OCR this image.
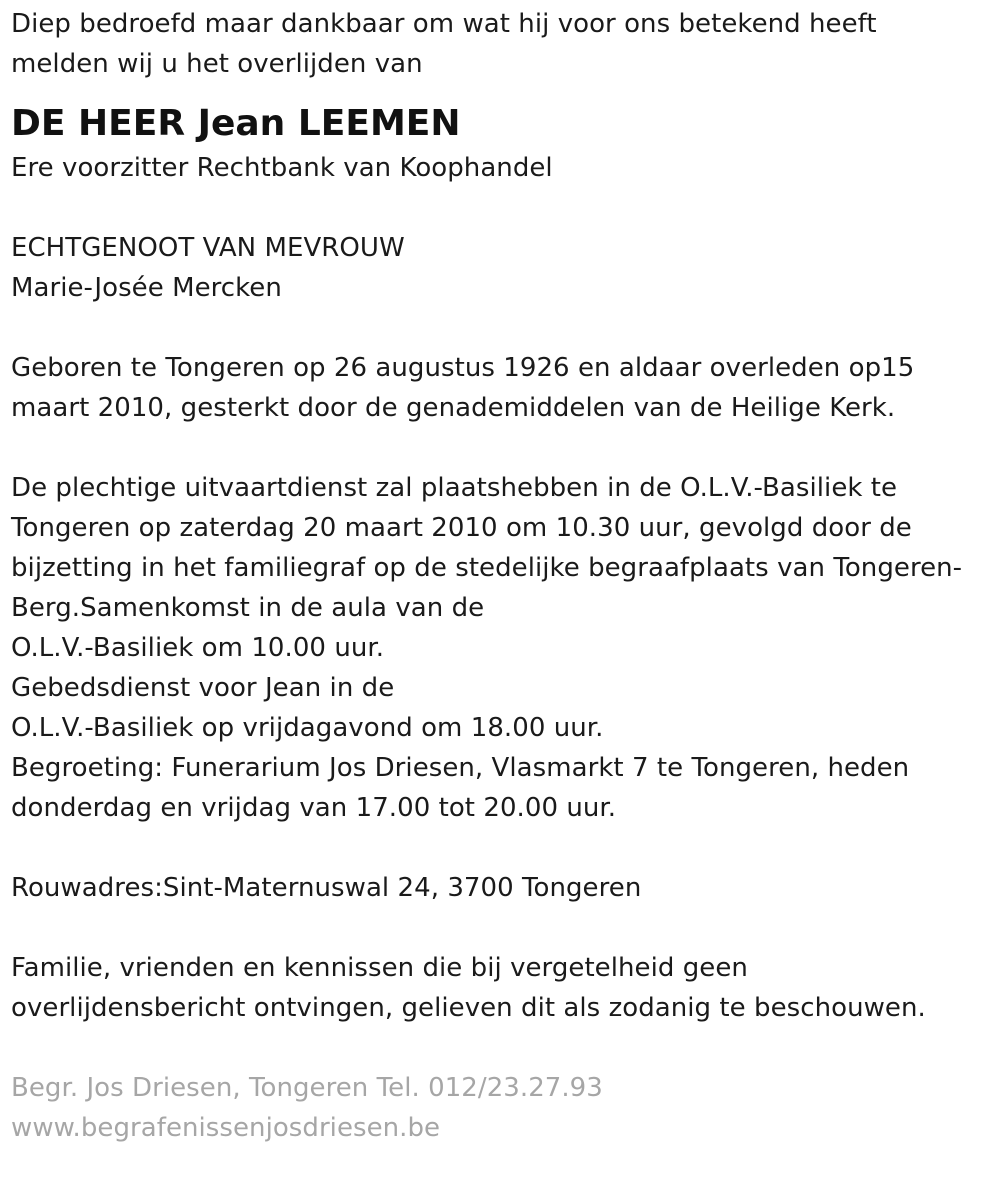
Diep bedroefd maar dankbaar om wat hij voor ons betekend heeft
melden wij u het overlijden van
DE HEER Jean LEEMEN
Ere voorzitter Rechtbank van Koophandel
ECHTGENOOT VAN MEVROUW
Marie-Josée Mercken
Geboren te Tongeren op 26 augustus 1926 en aldaar overleden op15
maart 2010, gesterkt door de genademiddelen van de Heilige Kerk.
De plechtige uitvaartdienst zal plaatshebben in de O.L.V.-Basiliek te
Tongeren op zaterdag 20 maart 2010 om 10.30 uur, gevolgd door de
bijzetting in het familiegraf op de stedelijke begraafplaats van Tongeren-
Berg.Samenkomst in de aula van de
O.L.V.-Basiliek om 10.00 uur.
Gebedsdienst voor Jean in de
O.L.V.-Basiliek op vrijdagavond om 18.00 uur.
Begroeting: Funerarium Jos Driesen, Vlasmarkt 7 te Tongeren, heden
donderdag en vrijdag van 17.00 tot 20.00 uur.
Rouwadres:Sint-Maternuswal 24, 3700 Tongeren
Familie, vrienden en kennissen die bij vergetelheid geen
overlijdensbericht ontvingen, gelieven dit als zodanig te beschouwen.
Begr. Jos Driesen, Tongeren Tel. 012/23.27.93
www.begrafenissenjosdriesen.be
